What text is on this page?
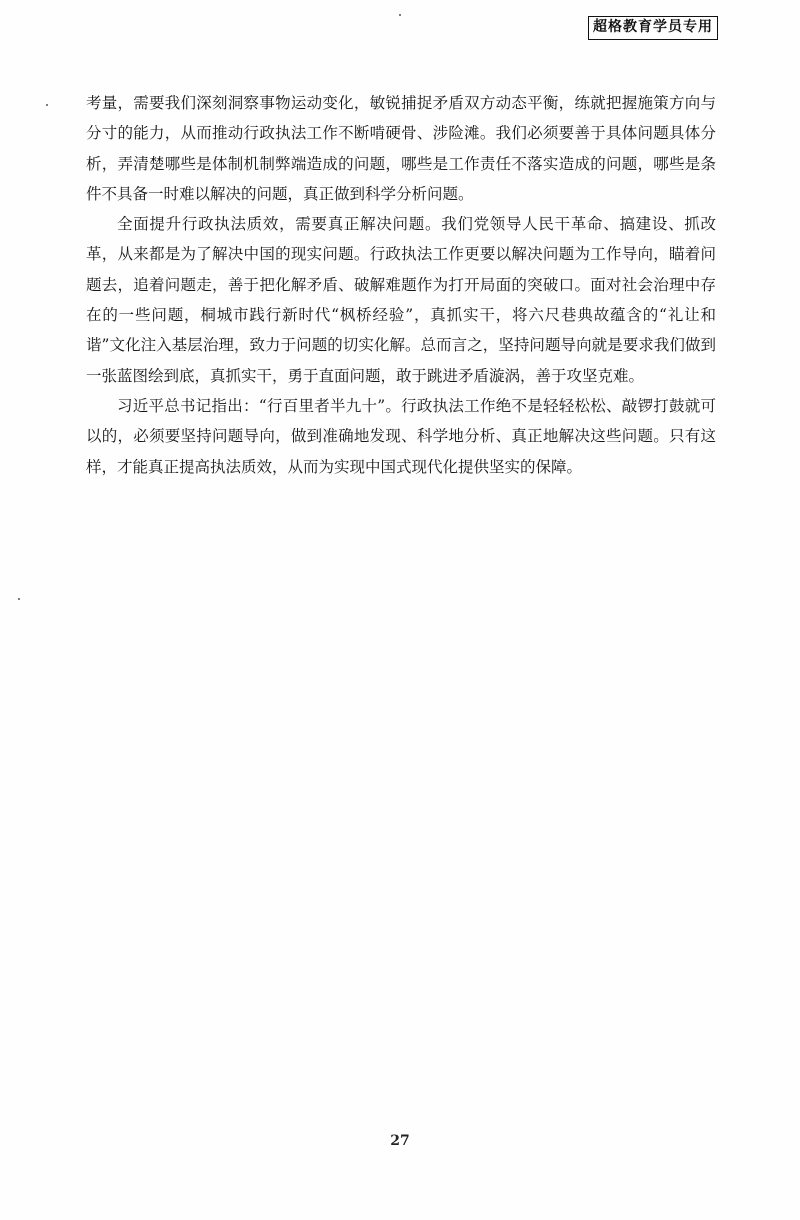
超格教育学员专用

考量，需要我们深刻洞察事物运动变化，敏锐捕捉矛盾双方动态平衡，练就把握施策方向与分寸的能力，从而推动行政执法工作不断啃硬骨、涉险滩。我们必须要善于具体问题具体分析，弄清楚哪些是体制机制弊端造成的问题，哪些是工作责任不落实造成的问题，哪些是条件不具备一时难以解决的问题，真正做到科学分析问题。

全面提升行政执法质效，需要真正解决问题。我们党领导人民干革命、搞建设、抓改革，从来都是为了解决中国的现实问题。行政执法工作更要以解决问题为工作导向，瞄着问题去，追着问题走，善于把化解矛盾、破解难题作为打开局面的突破口。面对社会治理中存在的一些问题，桐城市践行新时代“枫桥经验”，真抓实干，将六尺巷典故蕴含的“礼让和谐”文化注入基层治理，致力于问题的切实化解。总而言之，坚持问题导向就是要求我们做到一张蓝图绘到底，真抓实干，勇于直面问题，敢于跳进矛盾漩涡，善于攻坚克难。

习近平总书记指出：“行百里者半九十”。行政执法工作绝不是轻轻松松、敲锣打鼓就可以的，必须要坚持问题导向，做到准确地发现、科学地分析、真正地解决这些问题。只有这样，才能真正提高执法质效，从而为实现中国式现代化提供坚实的保障。

27
